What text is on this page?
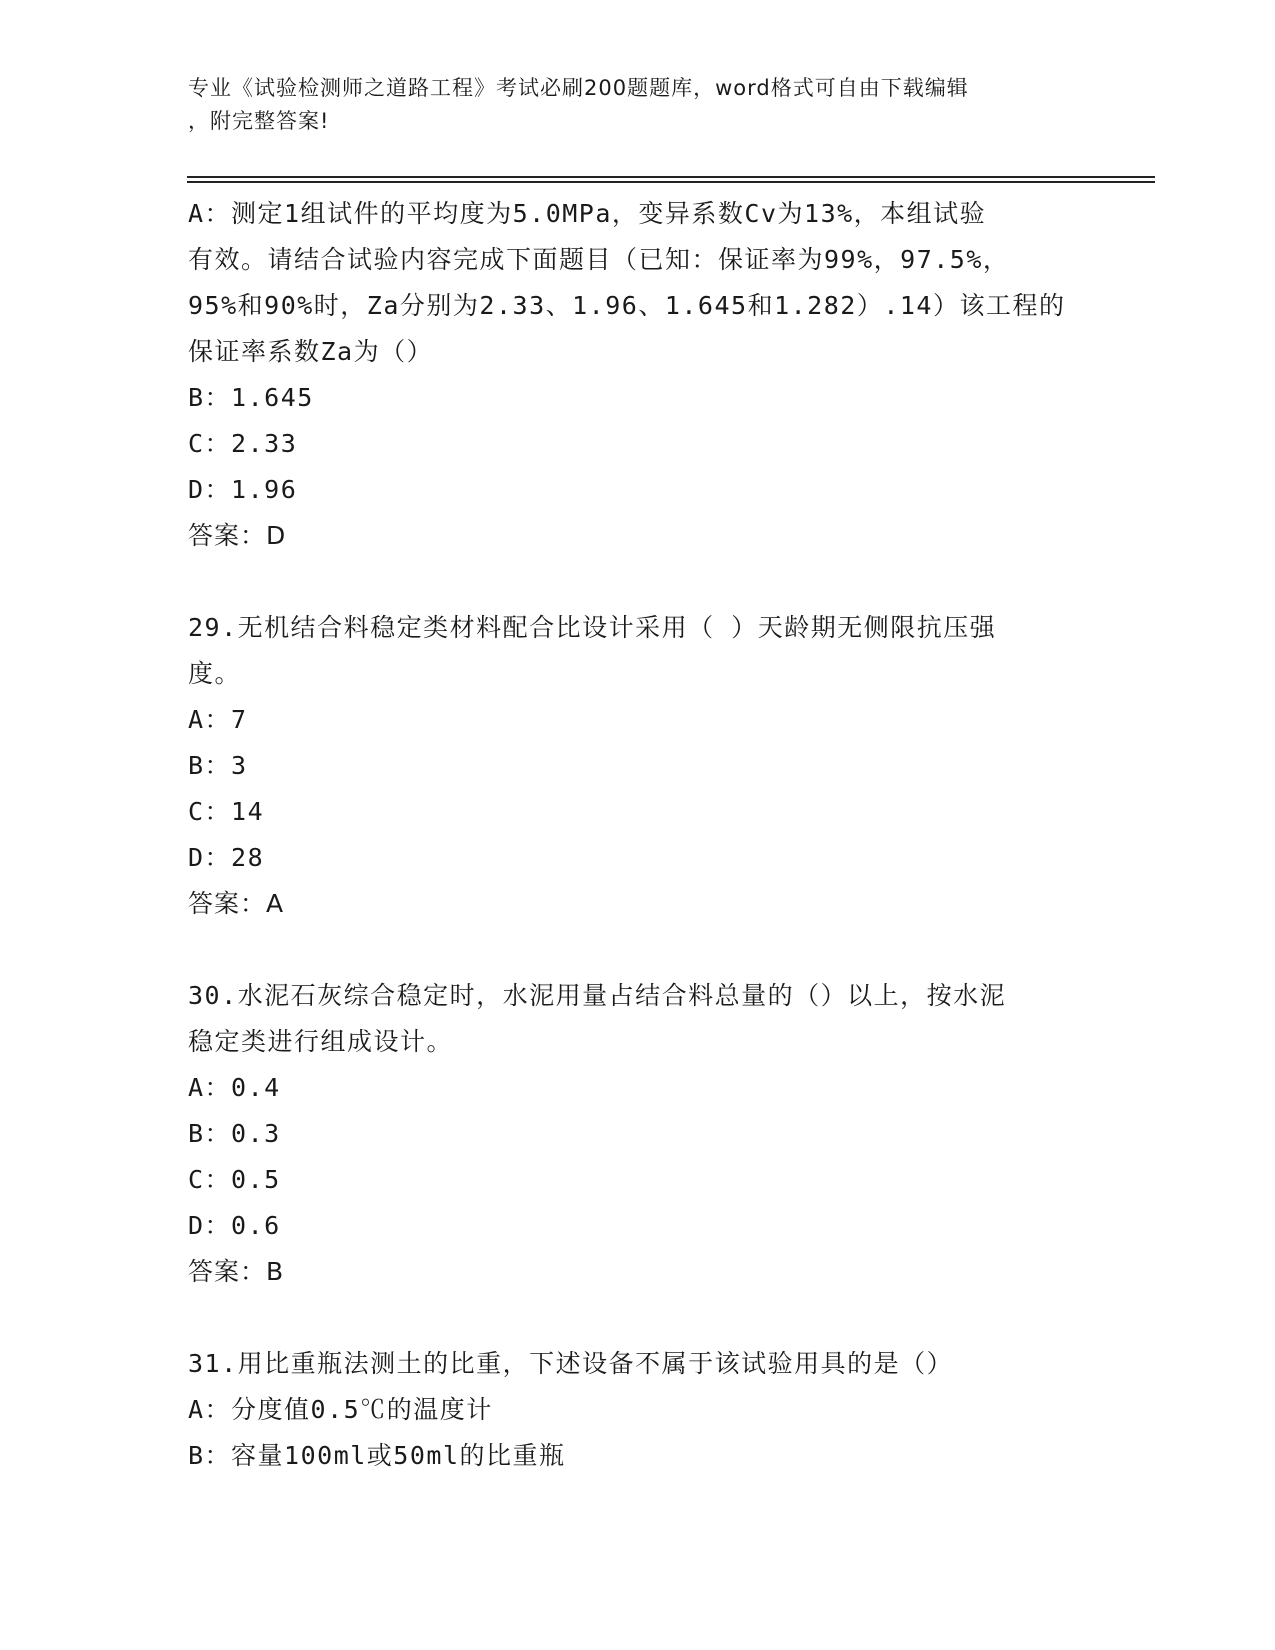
专业《试验检测师之道路工程》考试必刷200题题库，word格式可自由下载编辑
，附完整答案!

A：测定1组试件的平均度为5.0MPa，变异系数Cv为13%，本组试验

有效。请结合试验内容完成下面题目（已知：保证率为99%，97.5%，

95%和90%时，Za分别为2.33、1.96、1.645和1.282）.14）该工程的

保证率系数Za为（）

B：1.645

C：2.33

D：1.96

答案：D

29.无机结合料稳定类材料配合比设计采用（ ）天龄期无侧限抗压强

度。

A：7

B：3

C：14

D：28

答案：A

30.水泥石灰综合稳定时，水泥用量占结合料总量的（）以上，按水泥

稳定类进行组成设计。

A：0.4

B：0.3

C：0.5

D：0.6

答案：B

31.用比重瓶法测土的比重，下述设备不属于该试验用具的是（）

A：分度值0.5℃的温度计

B：容量100ml或50ml的比重瓶
